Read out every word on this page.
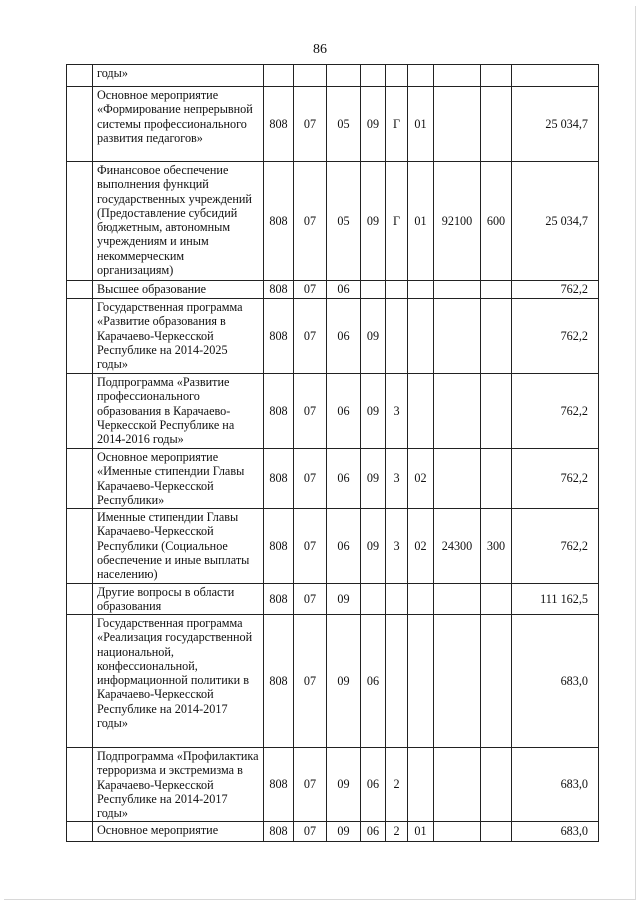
86
	годы»									
	Основное мероприятие «Формирование непрерывной системы профессионального развития педагогов»	808	07	05	09	Г	01			25 034,7
	Финансовое обеспечение выполнения функций государственных учреждений (Предоставление субсидий бюджетным, автономным учреждениям и иным некоммерческим организациям)	808	07	05	09	Г	01	92100	600	25 034,7
	Высшее образование	808	07	06						762,2
	Государственная программа «Развитие образования в Карачаево-Черкесской Республике на 2014-2025 годы»	808	07	06	09					762,2
	Подпрограмма «Развитие профессионального образования в Карачаево-Черкесской Республике на 2014-2016 годы»	808	07	06	09	3				762,2
	Основное мероприятие «Именные стипендии Главы Карачаево-Черкесской Республики»	808	07	06	09	3	02			762,2
	Именные стипендии Главы Карачаево-Черкесской Республики (Социальное обеспечение и иные выплаты населению)	808	07	06	09	3	02	24300	300	762,2
	Другие вопросы в области образования	808	07	09						111 162,5
	Государственная программа «Реализация государственной национальной, конфессиональной, информационной политики в Карачаево-Черкесской Республике на 2014-2017 годы»	808	07	09	06					683,0
	Подпрограмма «Профилактика терроризма и экстремизма в Карачаево-Черкесской Республике на 2014-2017 годы»	808	07	09	06	2				683,0
	Основное мероприятие	808	07	09	06	2	01			683,0
